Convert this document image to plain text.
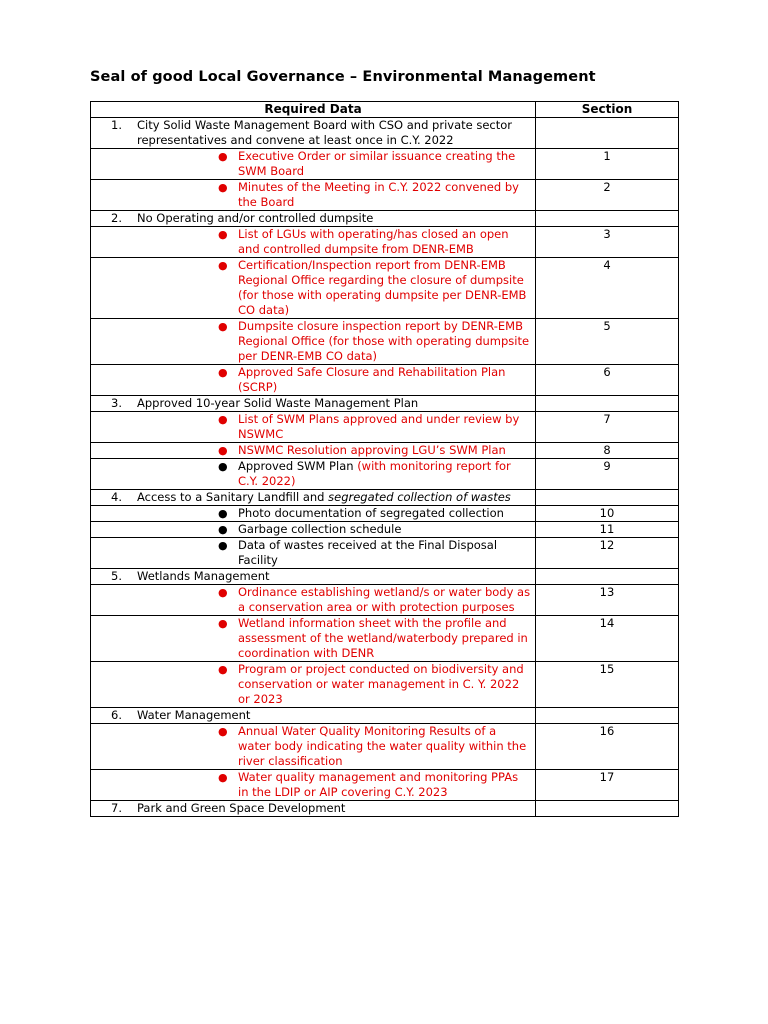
Seal of good Local Governance – Environmental Management
Required Data	Section
1. City Solid Waste Management Board with CSO and private sector representatives and convene at least once in C.Y. 2022	

● Executive Order or similar issuance creating the SWM Board	1

● Minutes of the Meeting in C.Y. 2022 convened by the Board	2
2. No Operating and/or controlled dumpsite	

● List of LGUs with operating/has closed an open and controlled dumpsite from DENR-EMB	3

● Certification/Inspection report from DENR-EMB Regional Office regarding the closure of dumpsite (for those with operating dumpsite per DENR-EMB CO data)	4

● Dumpsite closure inspection report by DENR-EMB Regional Office (for those with operating dumpsite per DENR-EMB CO data)	5

● Approved Safe Closure and Rehabilitation Plan (SCRP)	6
3. Approved 10-year Solid Waste Management Plan	

● List of SWM Plans approved and under review by NSWMC	7

● NSWMC Resolution approving LGU’s SWM Plan	8

● Approved SWM Plan (with monitoring report for C.Y. 2022)	9
4. Access to a Sanitary Landfill and segregated collection of wastes	

● Photo documentation of segregated collection	10

● Garbage collection schedule	11

● Data of wastes received at the Final Disposal Facility	12
5. Wetlands Management	

● Ordinance establishing wetland/s or water body as a conservation area or with protection purposes	13

● Wetland information sheet with the profile and assessment of the wetland/waterbody prepared in coordination with DENR	14

● Program or project conducted on biodiversity and conservation or water management in C. Y. 2022 or 2023	15
6. Water Management	

● Annual Water Quality Monitoring Results of a water body indicating the water quality within the river classification	16

● Water quality management and monitoring PPAs in the LDIP or AIP covering C.Y. 2023	17
7. Park and Green Space Development	
